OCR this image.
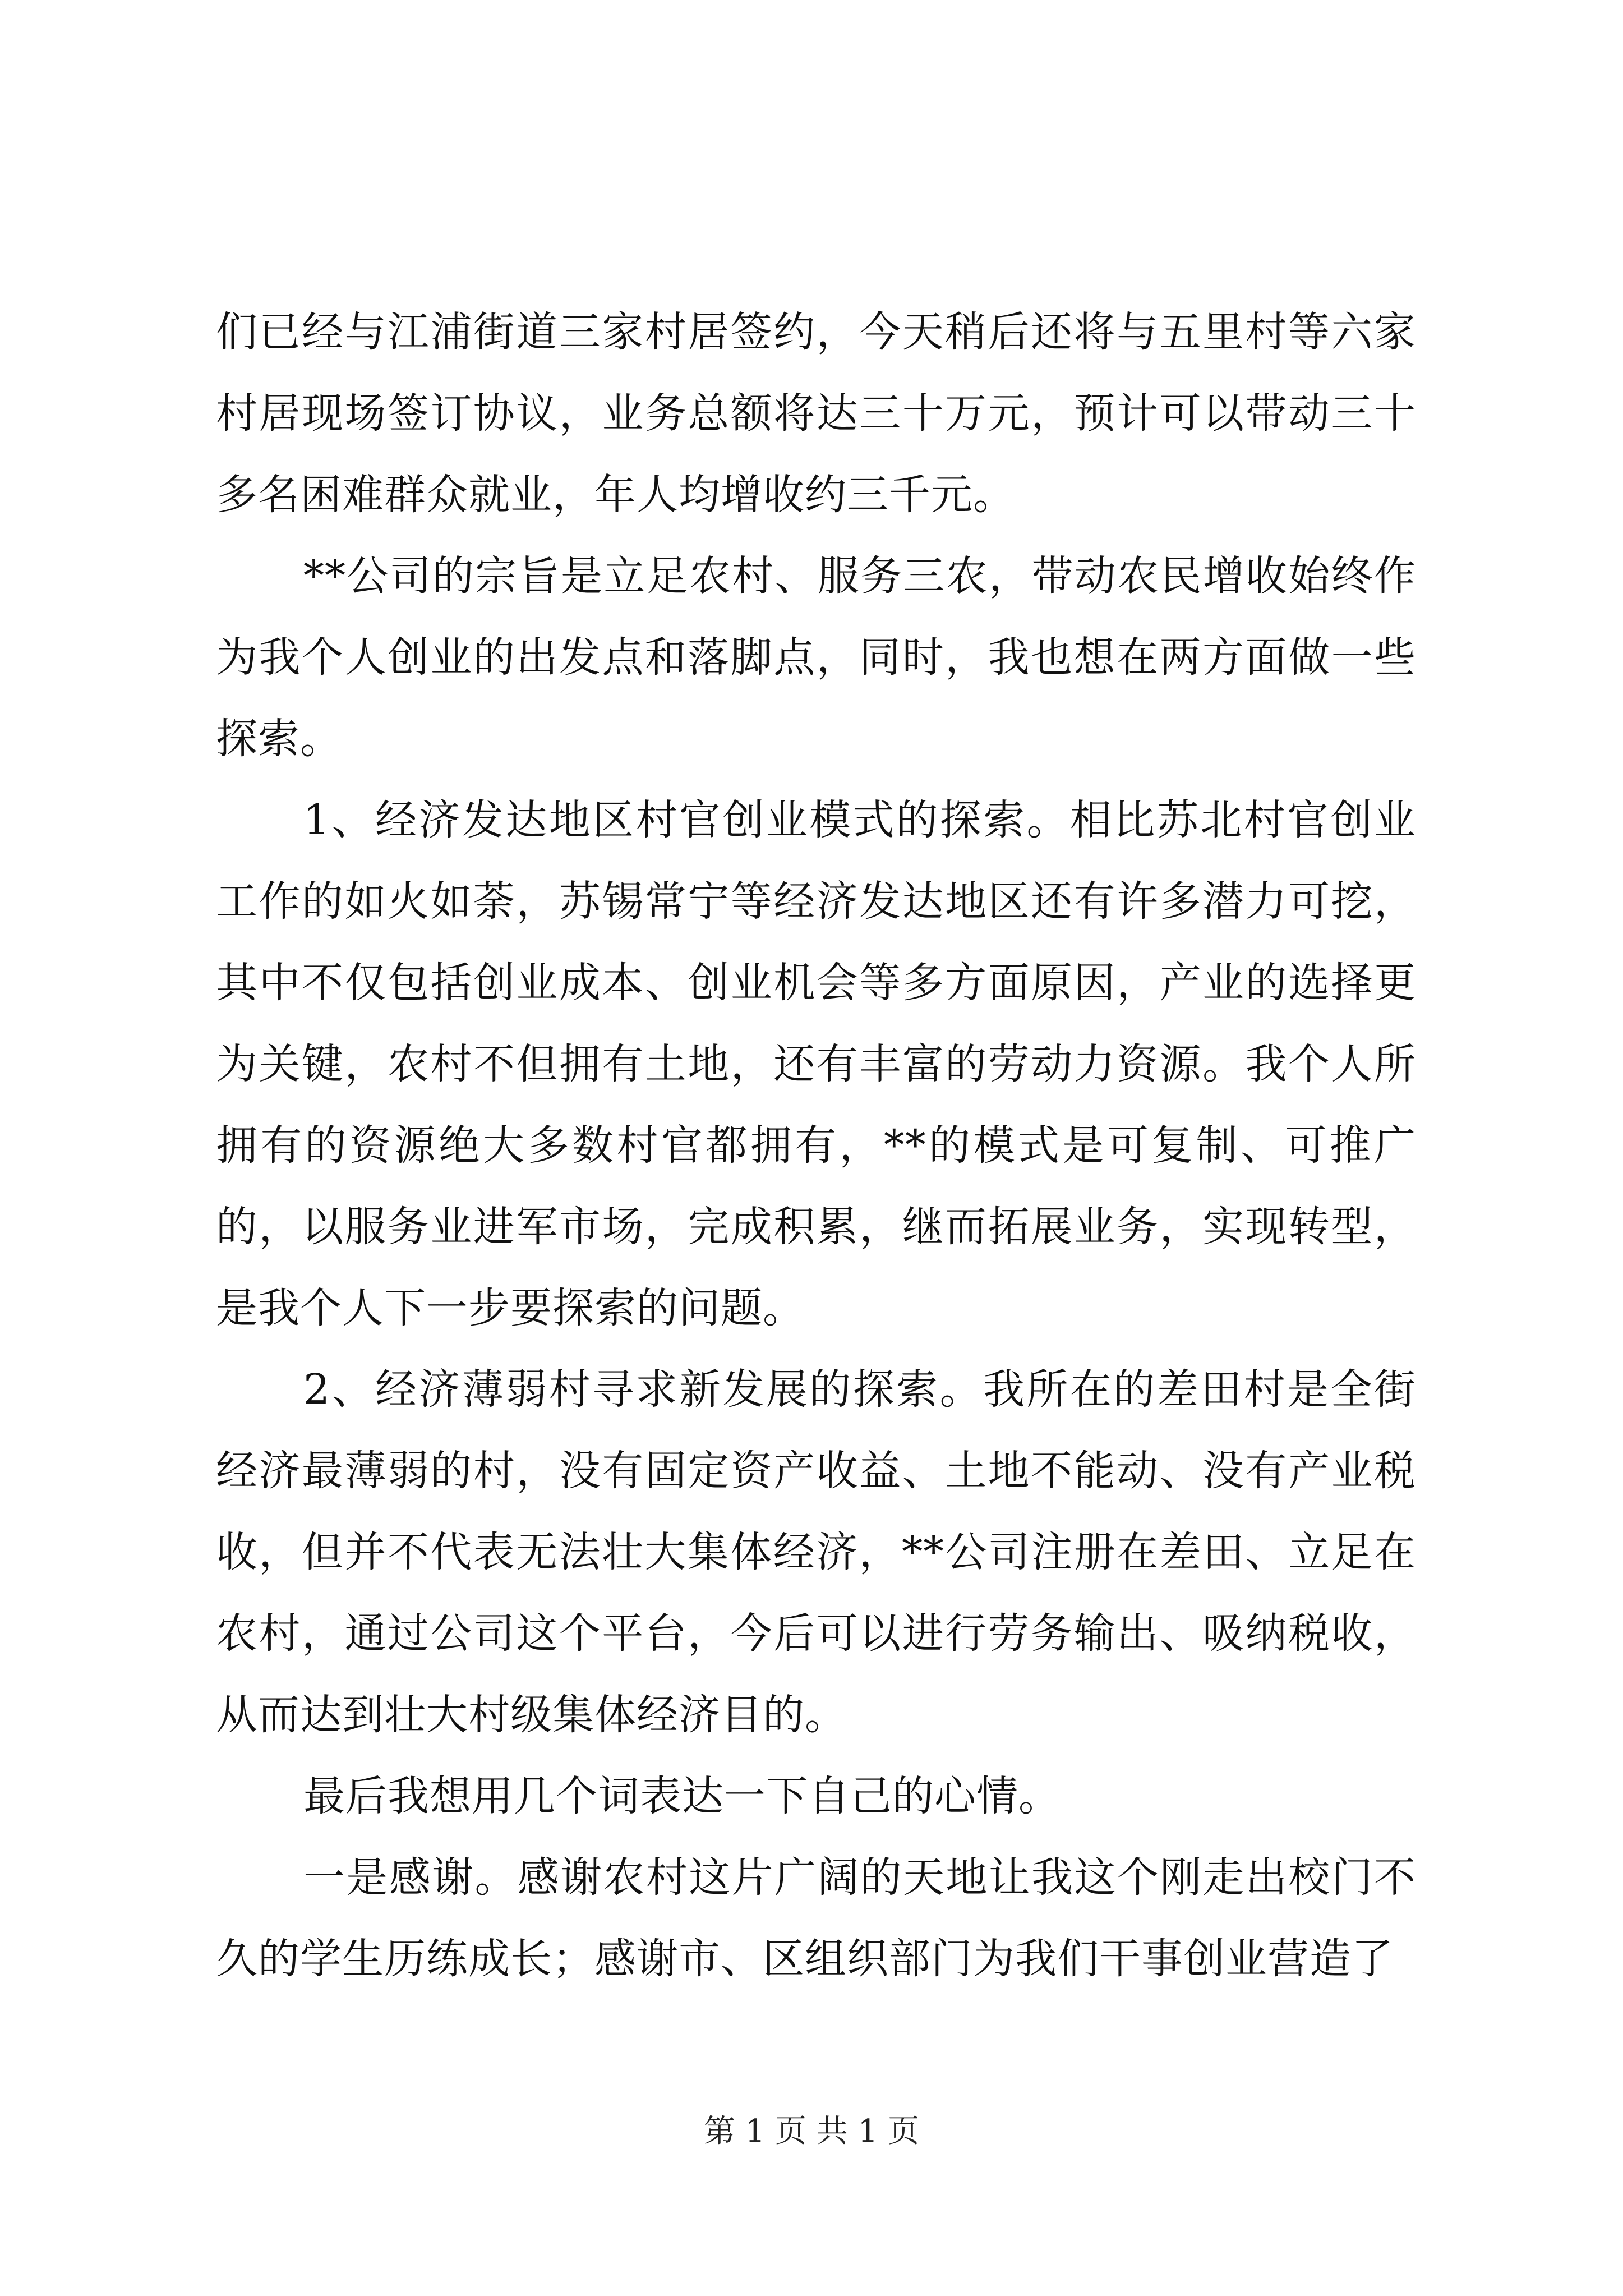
们已经与江浦街道三家村居签约，今天稍后还将与五里村等六家村居现场签订协议，业务总额将达三十万元，预计可以带动三十多名困难群众就业，年人均增收约三千元。

**公司的宗旨是立足农村、服务三农，带动农民增收始终作为我个人创业的出发点和落脚点，同时，我也想在两方面做一些探索。

1、经济发达地区村官创业模式的探索。相比苏北村官创业工作的如火如荼，苏锡常宁等经济发达地区还有许多潜力可挖，其中不仅包括创业成本、创业机会等多方面原因，产业的选择更为关键，农村不但拥有土地，还有丰富的劳动力资源。我个人所拥有的资源绝大多数村官都拥有，**的模式是可复制、可推广的，以服务业进军市场，完成积累，继而拓展业务，实现转型，是我个人下一步要探索的问题。

2、经济薄弱村寻求新发展的探索。我所在的差田村是全街经济最薄弱的村，没有固定资产收益、土地不能动、没有产业税收，但并不代表无法壮大集体经济，**公司注册在差田、立足在农村，通过公司这个平台，今后可以进行劳务输出、吸纳税收，从而达到壮大村级集体经济目的。

最后我想用几个词表达一下自己的心情。

一是感谢。感谢农村这片广阔的天地让我这个刚走出校门不久的学生历练成长；感谢市、区组织部门为我们干事创业营造了

第 1 页 共 1 页
